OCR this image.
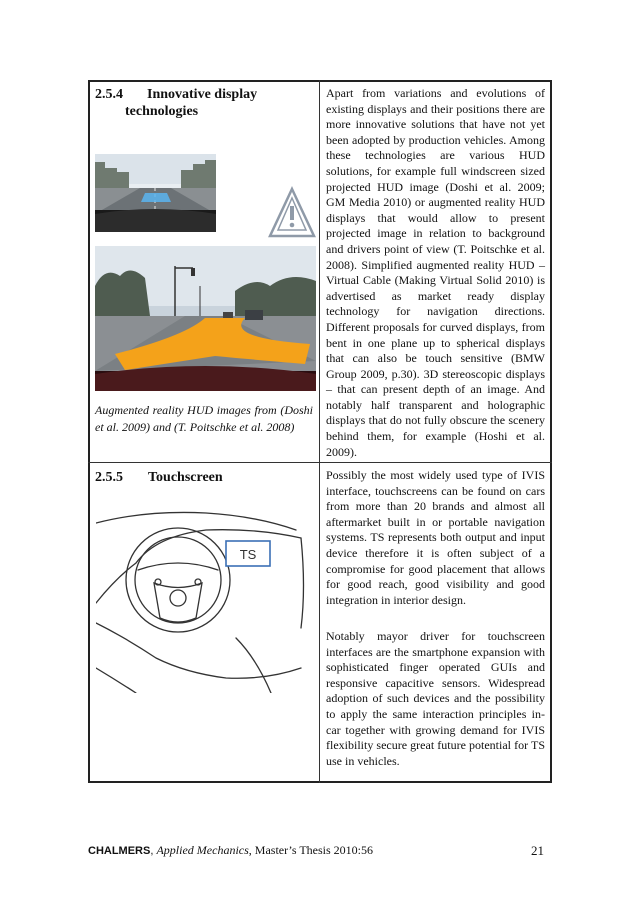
2.5.4 Innovative display
technologies
Augmented reality HUD images from (Doshi et al. 2009) and (T. Poitschke et al. 2008)
Apart from variations and evolutions of existing displays and their positions there are more innovative solutions that have not yet been adopted by production vehicles. Among these technologies are various HUD solutions, for example full windscreen sized projected HUD image (Doshi et al. 2009; GM Media 2010) or augmented reality HUD displays that would allow to present projected image in relation to background and drivers point of view (T. Poitschke et al. 2008). Simplified augmented reality HUD – Virtual Cable (Making Virtual Solid 2010) is advertised as market ready display technology for navigation directions. Different proposals for curved displays, from bent in one plane up to spherical displays that can also be touch sensitive (BMW Group 2009, p.30). 3D stereoscopic displays – that can present depth of an image. And notably half transparent and holographic displays that do not fully obscure the scenery behind them, for example (Hoshi et al. 2009).
2.5.5 Touchscreen
TS
Possibly the most widely used type of IVIS interface, touchscreens can be found on cars from more than 20 brands and almost all aftermarket built in or portable navigation systems. TS represents both output and input device therefore it is often subject of a compromise for good placement that allows for good reach, good visibility and good integration in interior design.
Notably mayor driver for touchscreen interfaces are the smartphone expansion with sophisticated finger operated GUIs and responsive capacitive sensors. Widespread adoption of such devices and the possibility to apply the same interaction principles in-car together with growing demand for IVIS flexibility secure great future potential for TS use in vehicles.
CHALMERS, Applied Mechanics, Master’s Thesis 2010:56	21
